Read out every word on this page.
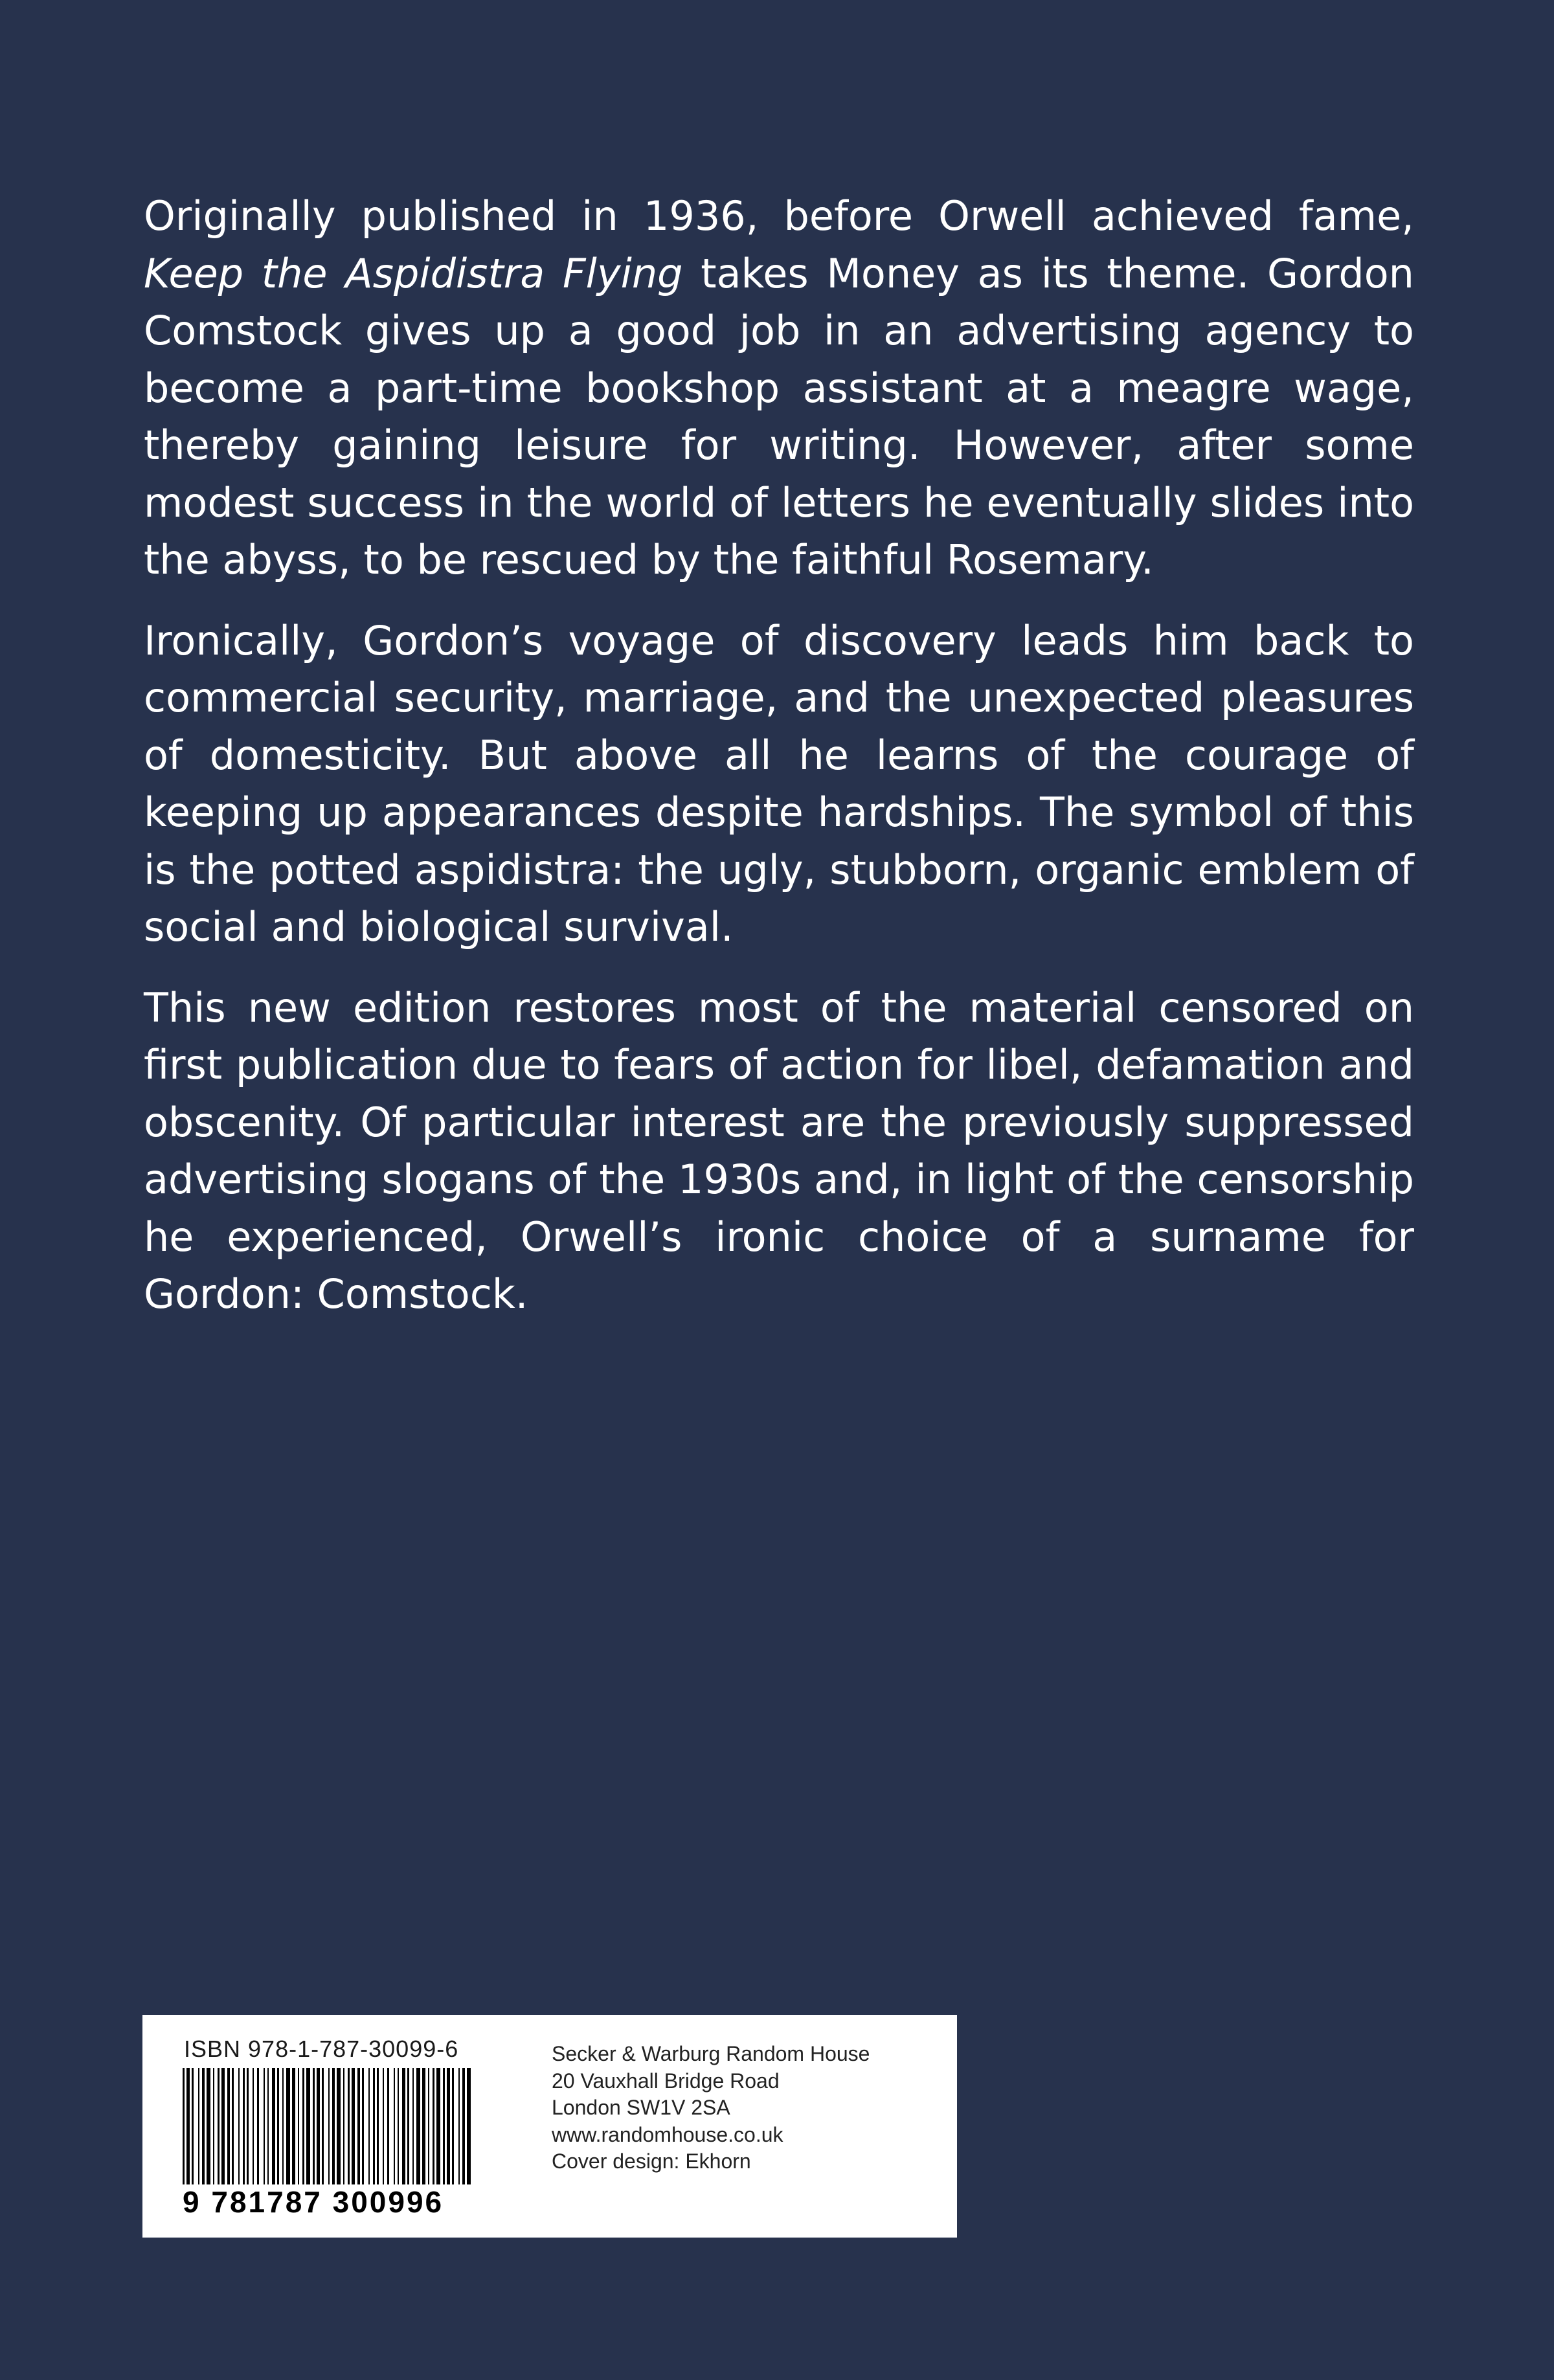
Originally published in 1936, before Orwell achieved fame, Keep the Aspidistra Flying takes Money as its theme. Gordon Comstock gives up a good job in an advertising agency to become a part-time bookshop assistant at a meagre wage, thereby gaining leisure for writing. However, after some modest success in the world of letters he eventually slides into the abyss, to be rescued by the faithful Rosemary.

Ironically, Gordon’s voyage of discovery leads him back to commercial security, marriage, and the unexpected pleasures of domesticity. But above all he learns of the courage of keeping up appearances despite hardships. The symbol of this is the potted aspidistra: the ugly, stubborn, organic emblem of social and biological survival.

This new edition restores most of the material censored on first publication due to fears of action for libel, defamation and obscenity. Of particular interest are the previously suppressed advertising slogans of the 1930s and, in light of the censorship he experienced, Orwell’s ironic choice of a surname for Gordon: Comstock.

ISBN 978-1-787-30099-6
9 781787 300996
Secker & Warburg Random House
20 Vauxhall Bridge Road
London SW1V 2SA
www.randomhouse.co.uk
Cover design: Ekhorn
